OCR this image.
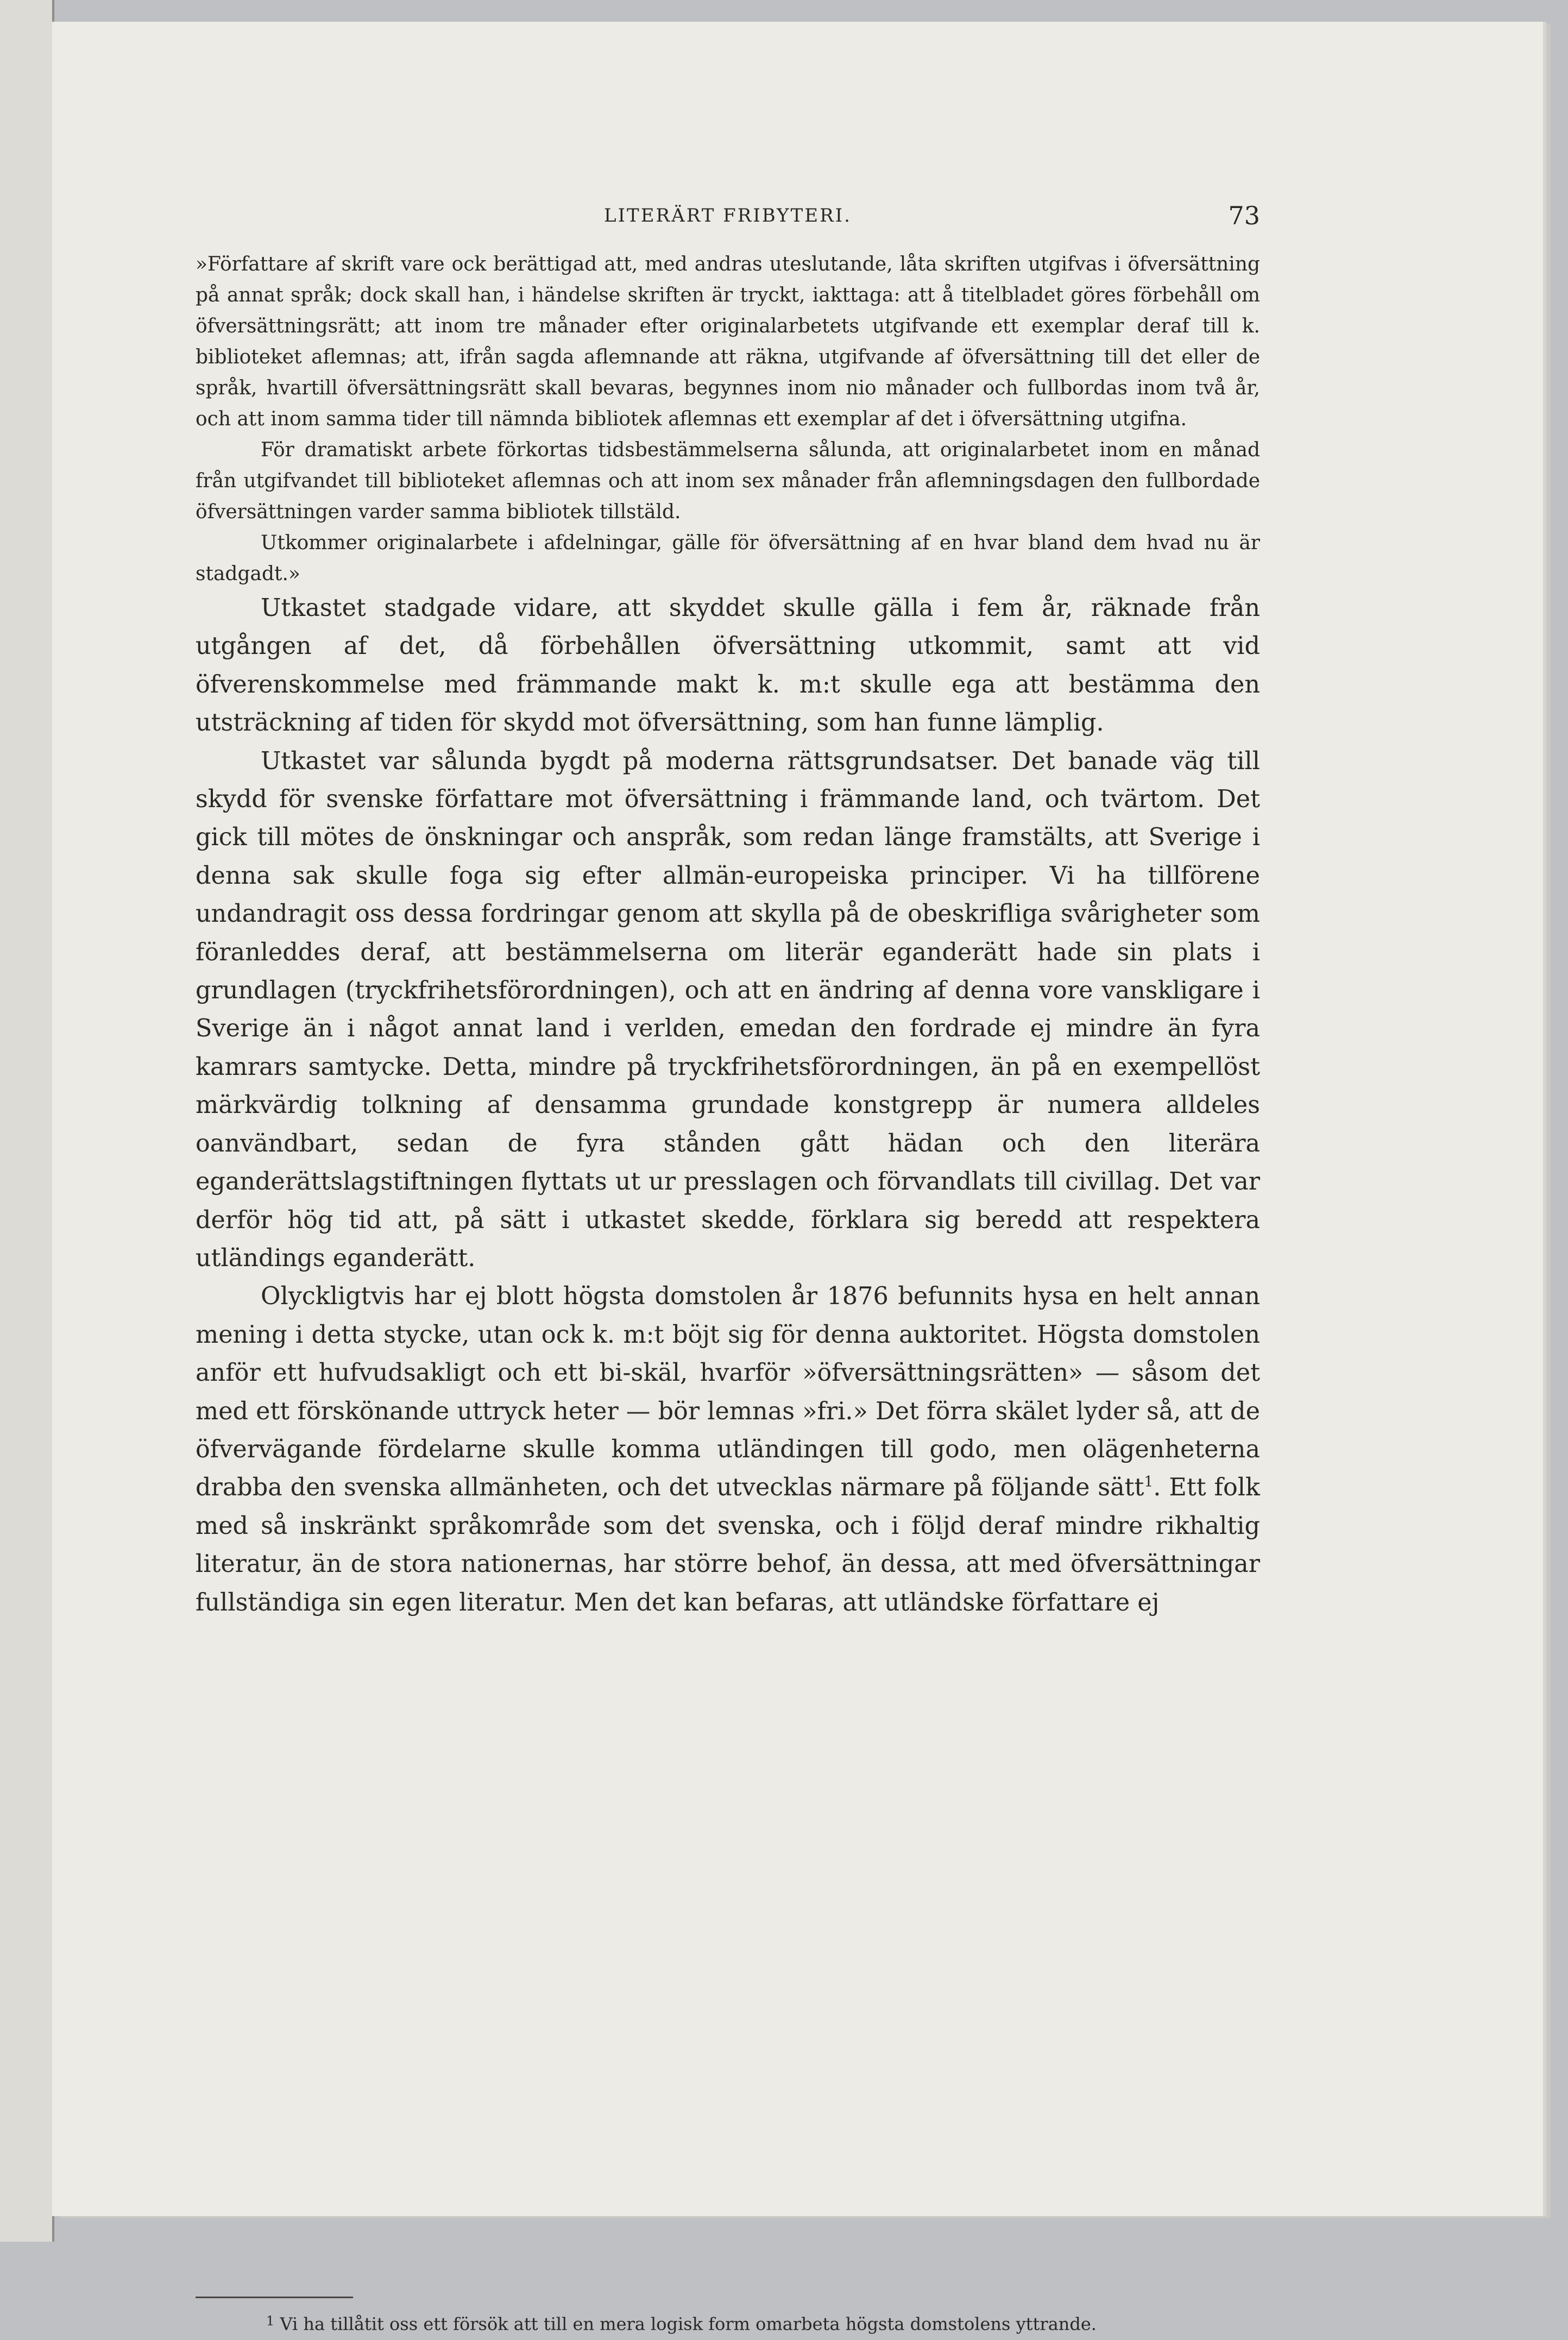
LITERÄRT FRIBYTERI.	73

»Författare af skrift vare ock berättigad att, med andras uteslutande, låta skriften utgifvas i öfversättning på annat språk; dock skall han, i händelse skriften är tryckt, iakttaga: att å titelbladet göres förbehåll om öfversättningsrätt; att inom tre månader efter originalarbetets utgifvande ett exemplar deraf till k. biblioteket aflemnas; att, ifrån sagda aflemnande att räkna, utgifvande af öfversättning till det eller de språk, hvartill öfversättningsrätt skall bevaras, begynnes inom nio månader och fullbordas inom två år, och att inom samma tider till nämnda bibliotek aflemnas ett exemplar af det i öfversättning utgifna.

För dramatiskt arbete förkortas tidsbestämmelserna sålunda, att originalarbetet inom en månad från utgifvandet till biblioteket aflemnas och att inom sex månader från aflemningsdagen den fullbordade öfversättningen varder samma bibliotek tillstäld.

Utkommer originalarbete i afdelningar, gälle för öfversättning af en hvar bland dem hvad nu är stadgadt.»

Utkastet stadgade vidare, att skyddet skulle gälla i fem år, räknade från utgången af det, då förbehållen öfversättning utkommit, samt att vid öfverenskommelse med främmande makt k. m:t skulle ega att bestämma den utsträckning af tiden för skydd mot öfversättning, som han funne lämplig.

Utkastet var sålunda bygdt på moderna rättsgrundsatser. Det banade väg till skydd för svenske författare mot öfversättning i främmande land, och tvärtom. Det gick till mötes de önskningar och anspråk, som redan länge framstälts, att Sverige i denna sak skulle foga sig efter allmän-europeiska principer. Vi ha tillförene undandragit oss dessa fordringar genom att skylla på de obeskrifliga svårigheter som föranleddes deraf, att bestämmelserna om literär eganderätt hade sin plats i grundlagen (tryckfrihetsförordningen), och att en ändring af denna vore vanskligare i Sverige än i något annat land i verlden, emedan den fordrade ej mindre än fyra kamrars samtycke. Detta, mindre på tryckfrihetsförordningen, än på en exempellöst märkvärdig tolkning af densamma grundade konstgrepp är numera alldeles oanvändbart, sedan de fyra stånden gått hädan och den literära eganderättslagstiftningen flyttats ut ur presslagen och förvandlats till civillag. Det var derför hög tid att, på sätt i utkastet skedde, förklara sig beredd att respektera utländings eganderätt.

Olyckligtvis har ej blott högsta domstolen år 1876 befunnits hysa en helt annan mening i detta stycke, utan ock k. m:t böjt sig för denna auktoritet. Högsta domstolen anför ett hufvudsakligt och ett bi-skäl, hvarför »öfversättningsrätten» — såsom det med ett förskönande uttryck heter — bör lemnas »fri.» Det förra skälet lyder så, att de öfvervägande fördelarne skulle komma utländingen till godo, men olägenheterna drabba den svenska allmänheten, och det utvecklas närmare på följande sätt$^1$. Ett folk med så inskränkt språkområde som det svenska, och i följd deraf mindre rikhaltig literatur, än de stora nationernas, har större behof, än dessa, att med öfversättningar fullständiga sin egen literatur. Men det kan befaras, att utländske författare ej

$^1$ Vi ha tillåtit oss ett försök att till en mera logisk form omarbeta högsta domstolens yttrande.
